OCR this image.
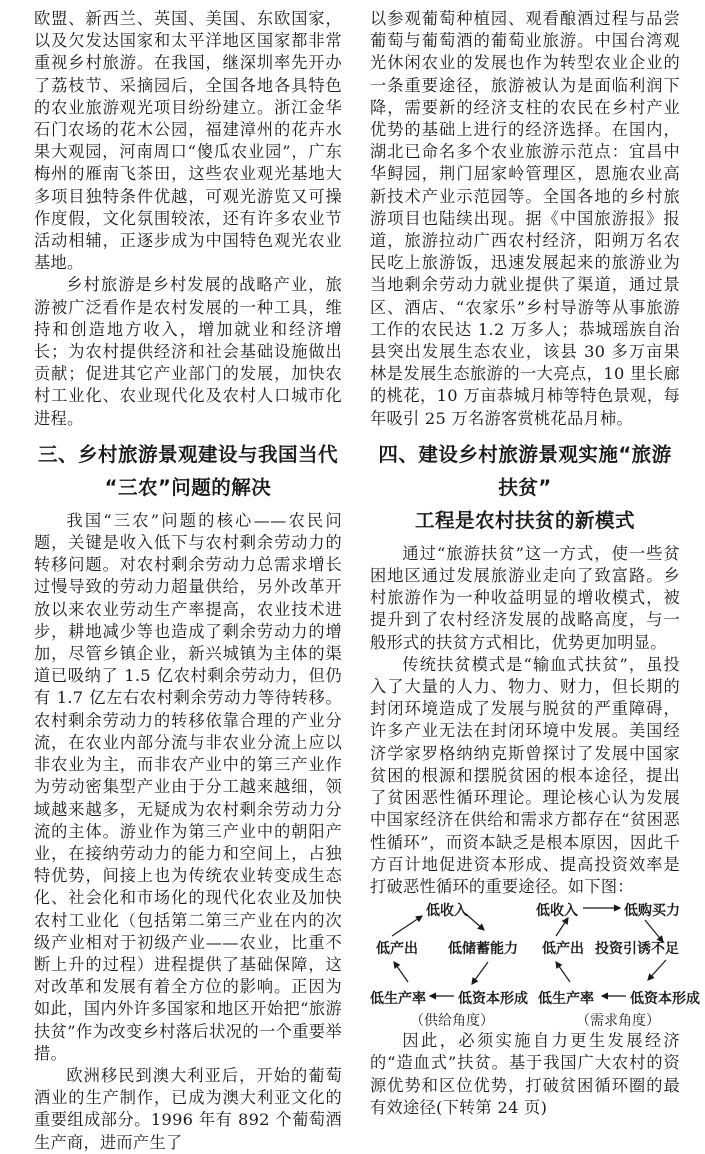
欧盟、新西兰、英国、美国、东欧国家，以及欠发达国家和太平洋地区国家都非常重视乡村旅游。在我国，继深圳率先开办了荔枝节、采摘园后，全国各地各具特色的农业旅游观光项目纷纷建立。浙江金华石门农场的花木公园，福建漳州的花卉水果大观园，河南周口“傻瓜农业园”，广东梅州的雁南飞茶田，这些农业观光基地大多项目独特条件优越，可观光游览又可操作度假，文化氛围较浓，还有许多农业节活动相辅，正逐步成为中国特色观光农业基地。

乡村旅游是乡村发展的战略产业，旅游被广泛看作是农村发展的一种工具，维持和创造地方收入，增加就业和经济增长；为农村提供经济和社会基础设施做出贡献；促进其它产业部门的发展，加快农村工业化、农业现代化及农村人口城市化进程。

三、乡村旅游景观建设与我国当代
“三农”问题的解决

我国“三农”问题的核心——农民问题，关键是收入低下与农村剩余劳动力的转移问题。对农村剩余劳动力总需求增长过慢导致的劳动力超量供给，另外改革开放以来农业劳动生产率提高，农业技术进步，耕地减少等也造成了剩余劳动力的增加，尽管乡镇企业，新兴城镇为主体的渠道已吸纳了 1.5 亿农村剩余劳动力，但仍有 1.7 亿左右农村剩余劳动力等待转移。农村剩余劳动力的转移依靠合理的产业分流，在农业内部分流与非农业分流上应以非农业为主，而非农产业中的第三产业作为劳动密集型产业由于分工越来越细，领域越来越多，无疑成为农村剩余劳动力分流的主体。游业作为第三产业中的朝阳产业，在接纳劳动力的能力和空间上，占独特优势，间接上也为传统农业转变成生态化、社会化和市场化的现代化农业及加快农村工业化（包括第二第三产业在内的次级产业相对于初级产业——农业，比重不断上升的过程）进程提供了基础保障，这对改革和发展有着全方位的影响。正因为如此，国内外许多国家和地区开始把“旅游扶贫”作为改变乡村落后状况的一个重要举措。

欧洲移民到澳大利亚后，开始的葡萄酒业的生产制作，已成为澳大利亚文化的重要组成部分。1996 年有 892 个葡萄酒生产商，进而产生了

以参观葡萄种植园、观看酿酒过程与品尝葡萄与葡萄酒的葡萄业旅游。中国台湾观光休闲农业的发展也作为转型农业企业的一条重要途径，旅游被认为是面临利润下降，需要新的经济支柱的农民在乡村产业优势的基础上进行的经济选择。在国内，湖北已命名多个农业旅游示范点：宜昌中华鲟园，荆门屈家岭管理区，恩施农业高新技术产业示范园等。全国各地的乡村旅游项目也陆续出现。据《中国旅游报》报道，旅游拉动广西农村经济，阳朔万名农民吃上旅游饭，迅速发展起来的旅游业为当地剩余劳动力就业提供了渠道，通过景区、酒店、“农家乐”乡村导游等从事旅游工作的农民达 1.2 万多人；恭城瑶族自治县突出发展生态农业，该县 30 多万亩果林是发展生态旅游的一大亮点，10 里长廊的桃花，10 万亩恭城月柿等特色景观，每年吸引 25 万名游客赏桃花品月柿。

四、建设乡村旅游景观实施“旅游扶贫”
工程是农村扶贫的新模式

通过“旅游扶贫”这一方式，使一些贫困地区通过发展旅游业走向了致富路。乡村旅游作为一种收益明显的增收模式，被提升到了农村经济发展的战略高度，与一般形式的扶贫方式相比，优势更加明显。

传统扶贫模式是“输血式扶贫”，虽投入了大量的人力、物力、财力，但长期的封闭环境造成了发展与脱贫的严重障碍，许多产业无法在封闭环境中发展。美国经济学家罗格纳纳克斯曾探讨了发展中国家贫困的根源和摆脱贫困的根本途径，提出了贫困恶性循环理论。理论核心认为发展中国家经济在供给和需求方都存在“贫困恶性循环”，而资本缺乏是根本原因，因此千方百计地促进资本形成、提高投资效率是打破恶性循环的重要途径。如下图：

低收入
低储蓄能力
低资本形成
低生产率
低产出
（供给角度）
低收入	低购买力
投资引诱不足
低资本形成
低生产率
低产出
（需求角度）

因此，必须实施自力更生发展经济的“造血式”扶贫。基于我国广大农村的资源优势和区位优势，打破贫困循环圈的最有效途径(下转第 24 页)
